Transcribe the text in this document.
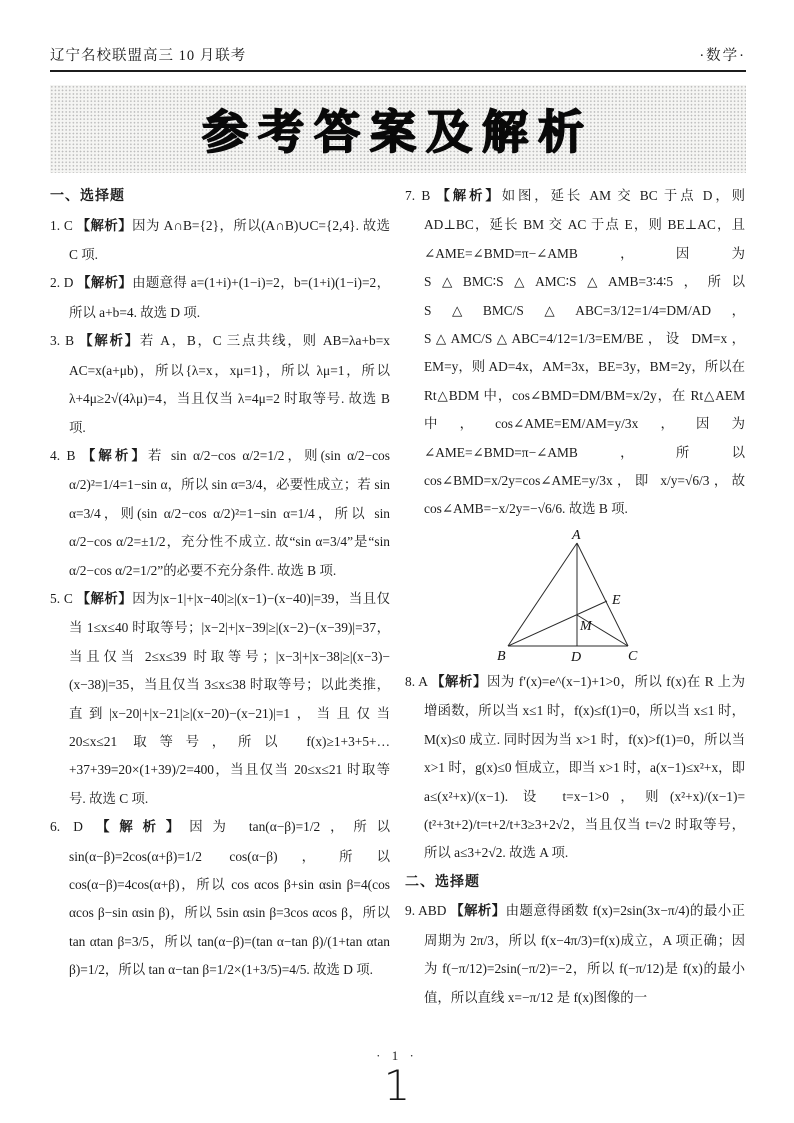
辽宁名校联盟高三 10 月联考	·数学·
参考答案及解析
一、选择题

1. C 【解析】因为 A∩B={2}，所以(A∩B)∪C={2,4}. 故选 C 项.

2. D 【解析】由题意得 a=(1+i)+(1−i)=2，b=(1+i)(1−i)=2，所以 a+b=4. 故选 D 项.

3. B 【解析】若 A，B，C 三点共线，则 AB=λa+b=x AC=x(a+μb)，所以{λ=x，xμ=1}，所以 λμ=1，所以 λ+4μ≥2√(4λμ)=4，当且仅当 λ=4μ=2 时取等号. 故选 B 项.

4. B 【解析】若 sin α/2−cos α/2=1/2，则(sin α/2−cos α/2)²=1/4=1−sin α，所以 sin α=3/4，必要性成立；若 sin α=3/4，则(sin α/2−cos α/2)²=1−sin α=1/4，所以 sin α/2−cos α/2=±1/2，充分性不成立. 故“sin α=3/4”是“sin α/2−cos α/2=1/2”的必要不充分条件. 故选 B 项.

5. C 【解析】因为|x−1|+|x−40|≥|(x−1)−(x−40)|=39，当且仅当 1≤x≤40 时取等号；|x−2|+|x−39|≥|(x−2)−(x−39)|=37，当且仅当 2≤x≤39 时取等号；|x−3|+|x−38|≥|(x−3)−(x−38)|=35，当且仅当 3≤x≤38 时取等号；以此类推，直到|x−20|+|x−21|≥|(x−20)−(x−21)|=1，当且仅当 20≤x≤21 取等号，所以 f(x)≥1+3+5+…+37+39=20×(1+39)/2=400，当且仅当 20≤x≤21 时取等号. 故选 C 项.

6. D 【解析】因为 tan(α−β)=1/2，所以 sin(α−β)=2cos(α+β)=1/2 cos(α−β)，所以 cos(α−β)=4cos(α+β)，所以 cos αcos β+sin αsin β=4(cos αcos β−sin αsin β)，所以 5sin αsin β=3cos αcos β，所以 tan αtan β=3/5，所以 tan(α−β)=(tan α−tan β)/(1+tan αtan β)=1/2，所以 tan α−tan β=1/2×(1+3/5)=4/5. 故选 D 项.

7. B 【解析】如图，延长 AM 交 BC 于点 D，则 AD⊥BC，延长 BM 交 AC 于点 E，则 BE⊥AC，且∠AME=∠BMD=π−∠AMB，因为 S△BMC∶S△AMC∶S△AMB=3∶4∶5，所以 S△BMC/S△ABC=3/12=1/4=DM/AD，S△AMC/S△ABC=4/12=1/3=EM/BE，设 DM=x，EM=y，则 AD=4x，AM=3x，BE=3y，BM=2y，所以在 Rt△BDM 中，cos∠BMD=DM/BM=x/2y，在 Rt△AEM 中，cos∠AME=EM/AM=y/3x，因为∠AME=∠BMD=π−∠AMB，所以 cos∠BMD=x/2y=cos∠AME=y/3x，即 x/y=√6/3，故 cos∠AMB=−x/2y=−√6/6. 故选 B 项.

A
B	C
D
E
M

8. A 【解析】因为 f′(x)=e^(x−1)+1>0，所以 f(x)在 R 上为增函数，所以当 x≤1 时，f(x)≤f(1)=0，所以当 x≤1 时，M(x)≤0 成立. 同时因为当 x>1 时，f(x)>f(1)=0，所以当 x>1 时，g(x)≤0 恒成立，即当 x>1 时，a(x−1)≤x²+x，即 a≤(x²+x)/(x−1). 设 t=x−1>0，则(x²+x)/(x−1)=(t²+3t+2)/t=t+2/t+3≥3+2√2，当且仅当 t=√2 时取等号，所以 a≤3+2√2. 故选 A 项.

二、选择题

9. ABD 【解析】由题意得函数 f(x)=2sin(3x−π/4)的最小正周期为 2π/3，所以 f(x−4π/3)=f(x)成立，A 项正确；因为 f(−π/12)=2sin(−π/2)=−2，所以 f(−π/12)是 f(x)的最小值，所以直线 x=−π/12 是 f(x)图像的一

· 1 ·
1
